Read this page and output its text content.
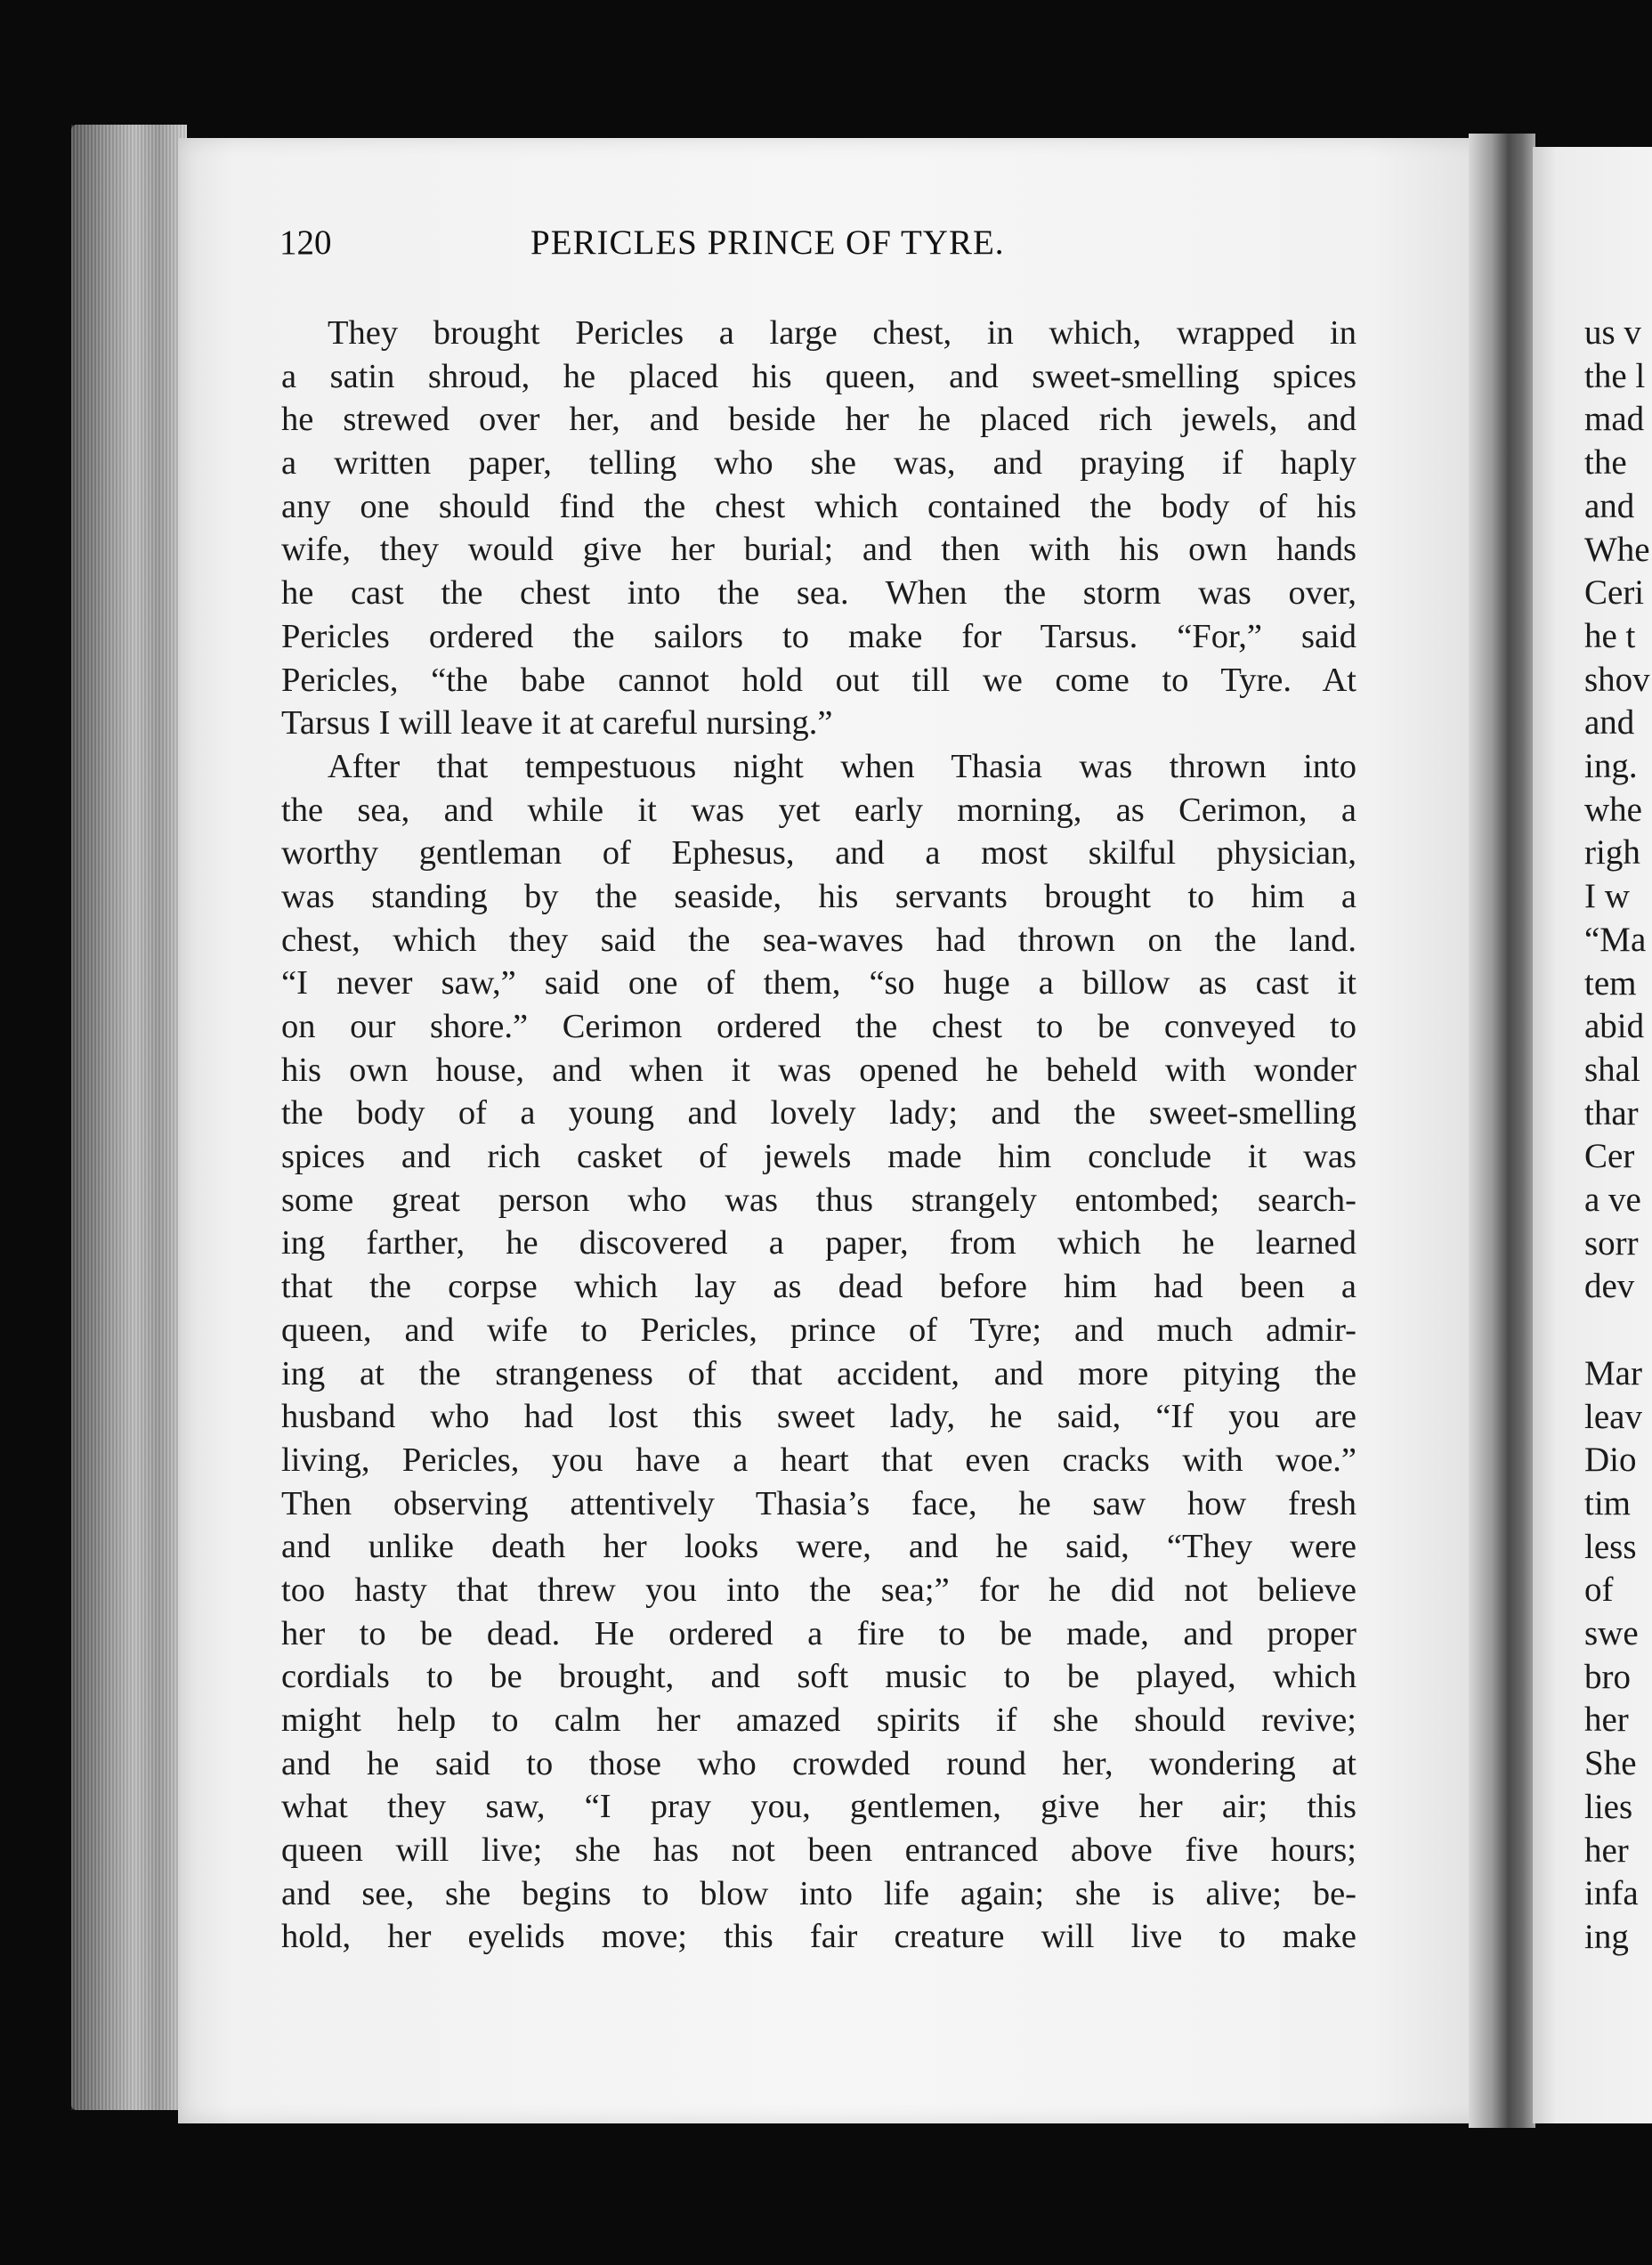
us v
the l
mad
the
and
Whe
Ceri
he t
shov
and
ing.
whe
righ
I w
“Ma
tem
abid
shal
thar
Cer
a ve
sorr
dev
Mar
leav
Dio
tim
less
of
swe
bro
her
She
lies
her
infa
ing
120	PERICLES PRINCE OF TYRE.
They brought Pericles a large chest, in which, wrapped in
a satin shroud, he placed his queen, and sweet-smelling spices
he strewed over her, and beside her he placed rich jewels, and
a written paper, telling who she was, and praying if haply
any one should find the chest which contained the body of his
wife, they would give her burial; and then with his own hands
he cast the chest into the sea. When the storm was over,
Pericles ordered the sailors to make for Tarsus. “For,” said
Pericles, “the babe cannot hold out till we come to Tyre. At
Tarsus I will leave it at careful nursing.”
After that tempestuous night when Thasia was thrown into
the sea, and while it was yet early morning, as Cerimon, a
worthy gentleman of Ephesus, and a most skilful physician,
was standing by the seaside, his servants brought to him a
chest, which they said the sea-waves had thrown on the land.
“I never saw,” said one of them, “so huge a billow as cast it
on our shore.” Cerimon ordered the chest to be conveyed to
his own house, and when it was opened he beheld with wonder
the body of a young and lovely lady; and the sweet-smelling
spices and rich casket of jewels made him conclude it was
some great person who was thus strangely entombed; search-
ing farther, he discovered a paper, from which he learned
that the corpse which lay as dead before him had been a
queen, and wife to Pericles, prince of Tyre; and much admir-
ing at the strangeness of that accident, and more pitying the
husband who had lost this sweet lady, he said, “If you are
living, Pericles, you have a heart that even cracks with woe.”
Then observing attentively Thasia’s face, he saw how fresh
and unlike death her looks were, and he said, “They were
too hasty that threw you into the sea;” for he did not believe
her to be dead. He ordered a fire to be made, and proper
cordials to be brought, and soft music to be played, which
might help to calm her amazed spirits if she should revive;
and he said to those who crowded round her, wondering at
what they saw, “I pray you, gentlemen, give her air; this
queen will live; she has not been entranced above five hours;
and see, she begins to blow into life again; she is alive; be-
hold, her eyelids move; this fair creature will live to make
